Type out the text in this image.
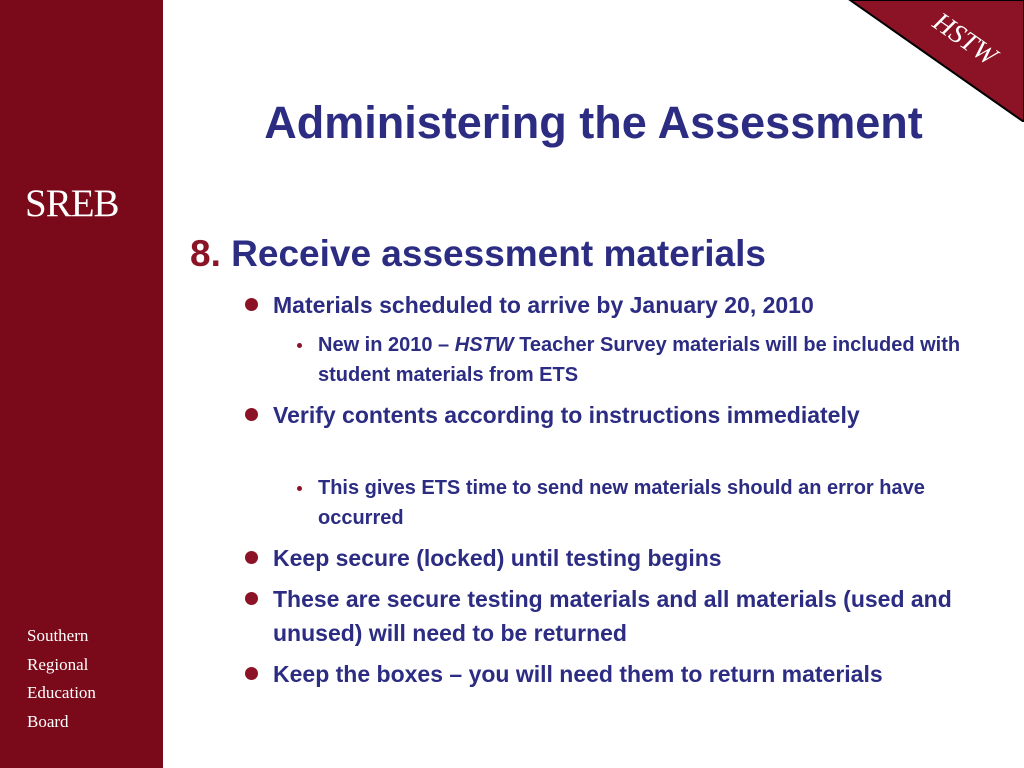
SREB
Southern
Regional
Education
Board
HSTW
Administering the Assessment
8. Receive assessment materials
Materials scheduled to arrive by January 20, 2010
New in 2010 – HSTW Teacher Survey materials will be included with student materials from ETS
Verify contents according to instructions immediately
This gives ETS time to send new materials should an error have occurred
Keep secure (locked) until testing begins
These are secure testing materials and all materials (used and unused) will need to be returned
Keep the boxes – you will need them to return materials
